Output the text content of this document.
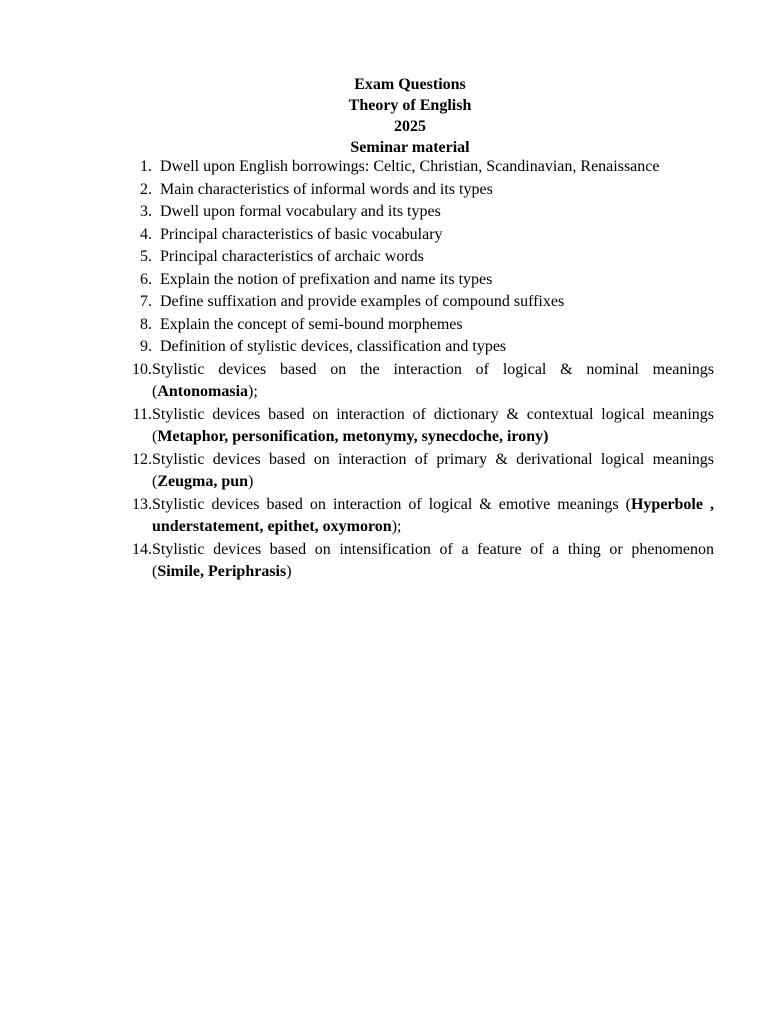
Exam Questions
Theory of English
2025
Seminar material
1. Dwell upon English borrowings: Celtic, Christian, Scandinavian, Renaissance
2. Main characteristics of informal words and its types
3. Dwell upon formal vocabulary and its types
4. Principal characteristics of basic vocabulary
5. Principal characteristics of archaic words
6. Explain the notion of prefixation and name its types
7. Define suffixation and provide examples of compound suffixes
8. Explain the concept of semi-bound morphemes
9. Definition of stylistic devices, classification and types
10. Stylistic devices based on the interaction of logical & nominal meanings (Antonomasia);
11. Stylistic devices based on interaction of dictionary & contextual logical meanings (Metaphor, personification, metonymy, synecdoche, irony)
12. Stylistic devices based on interaction of primary & derivational logical meanings (Zeugma, pun)
13. Stylistic devices based on interaction of logical & emotive meanings (Hyperbole , understatement, epithet, oxymoron);
14. Stylistic devices based on intensification of a feature of a thing or phenomenon (Simile, Periphrasis)
